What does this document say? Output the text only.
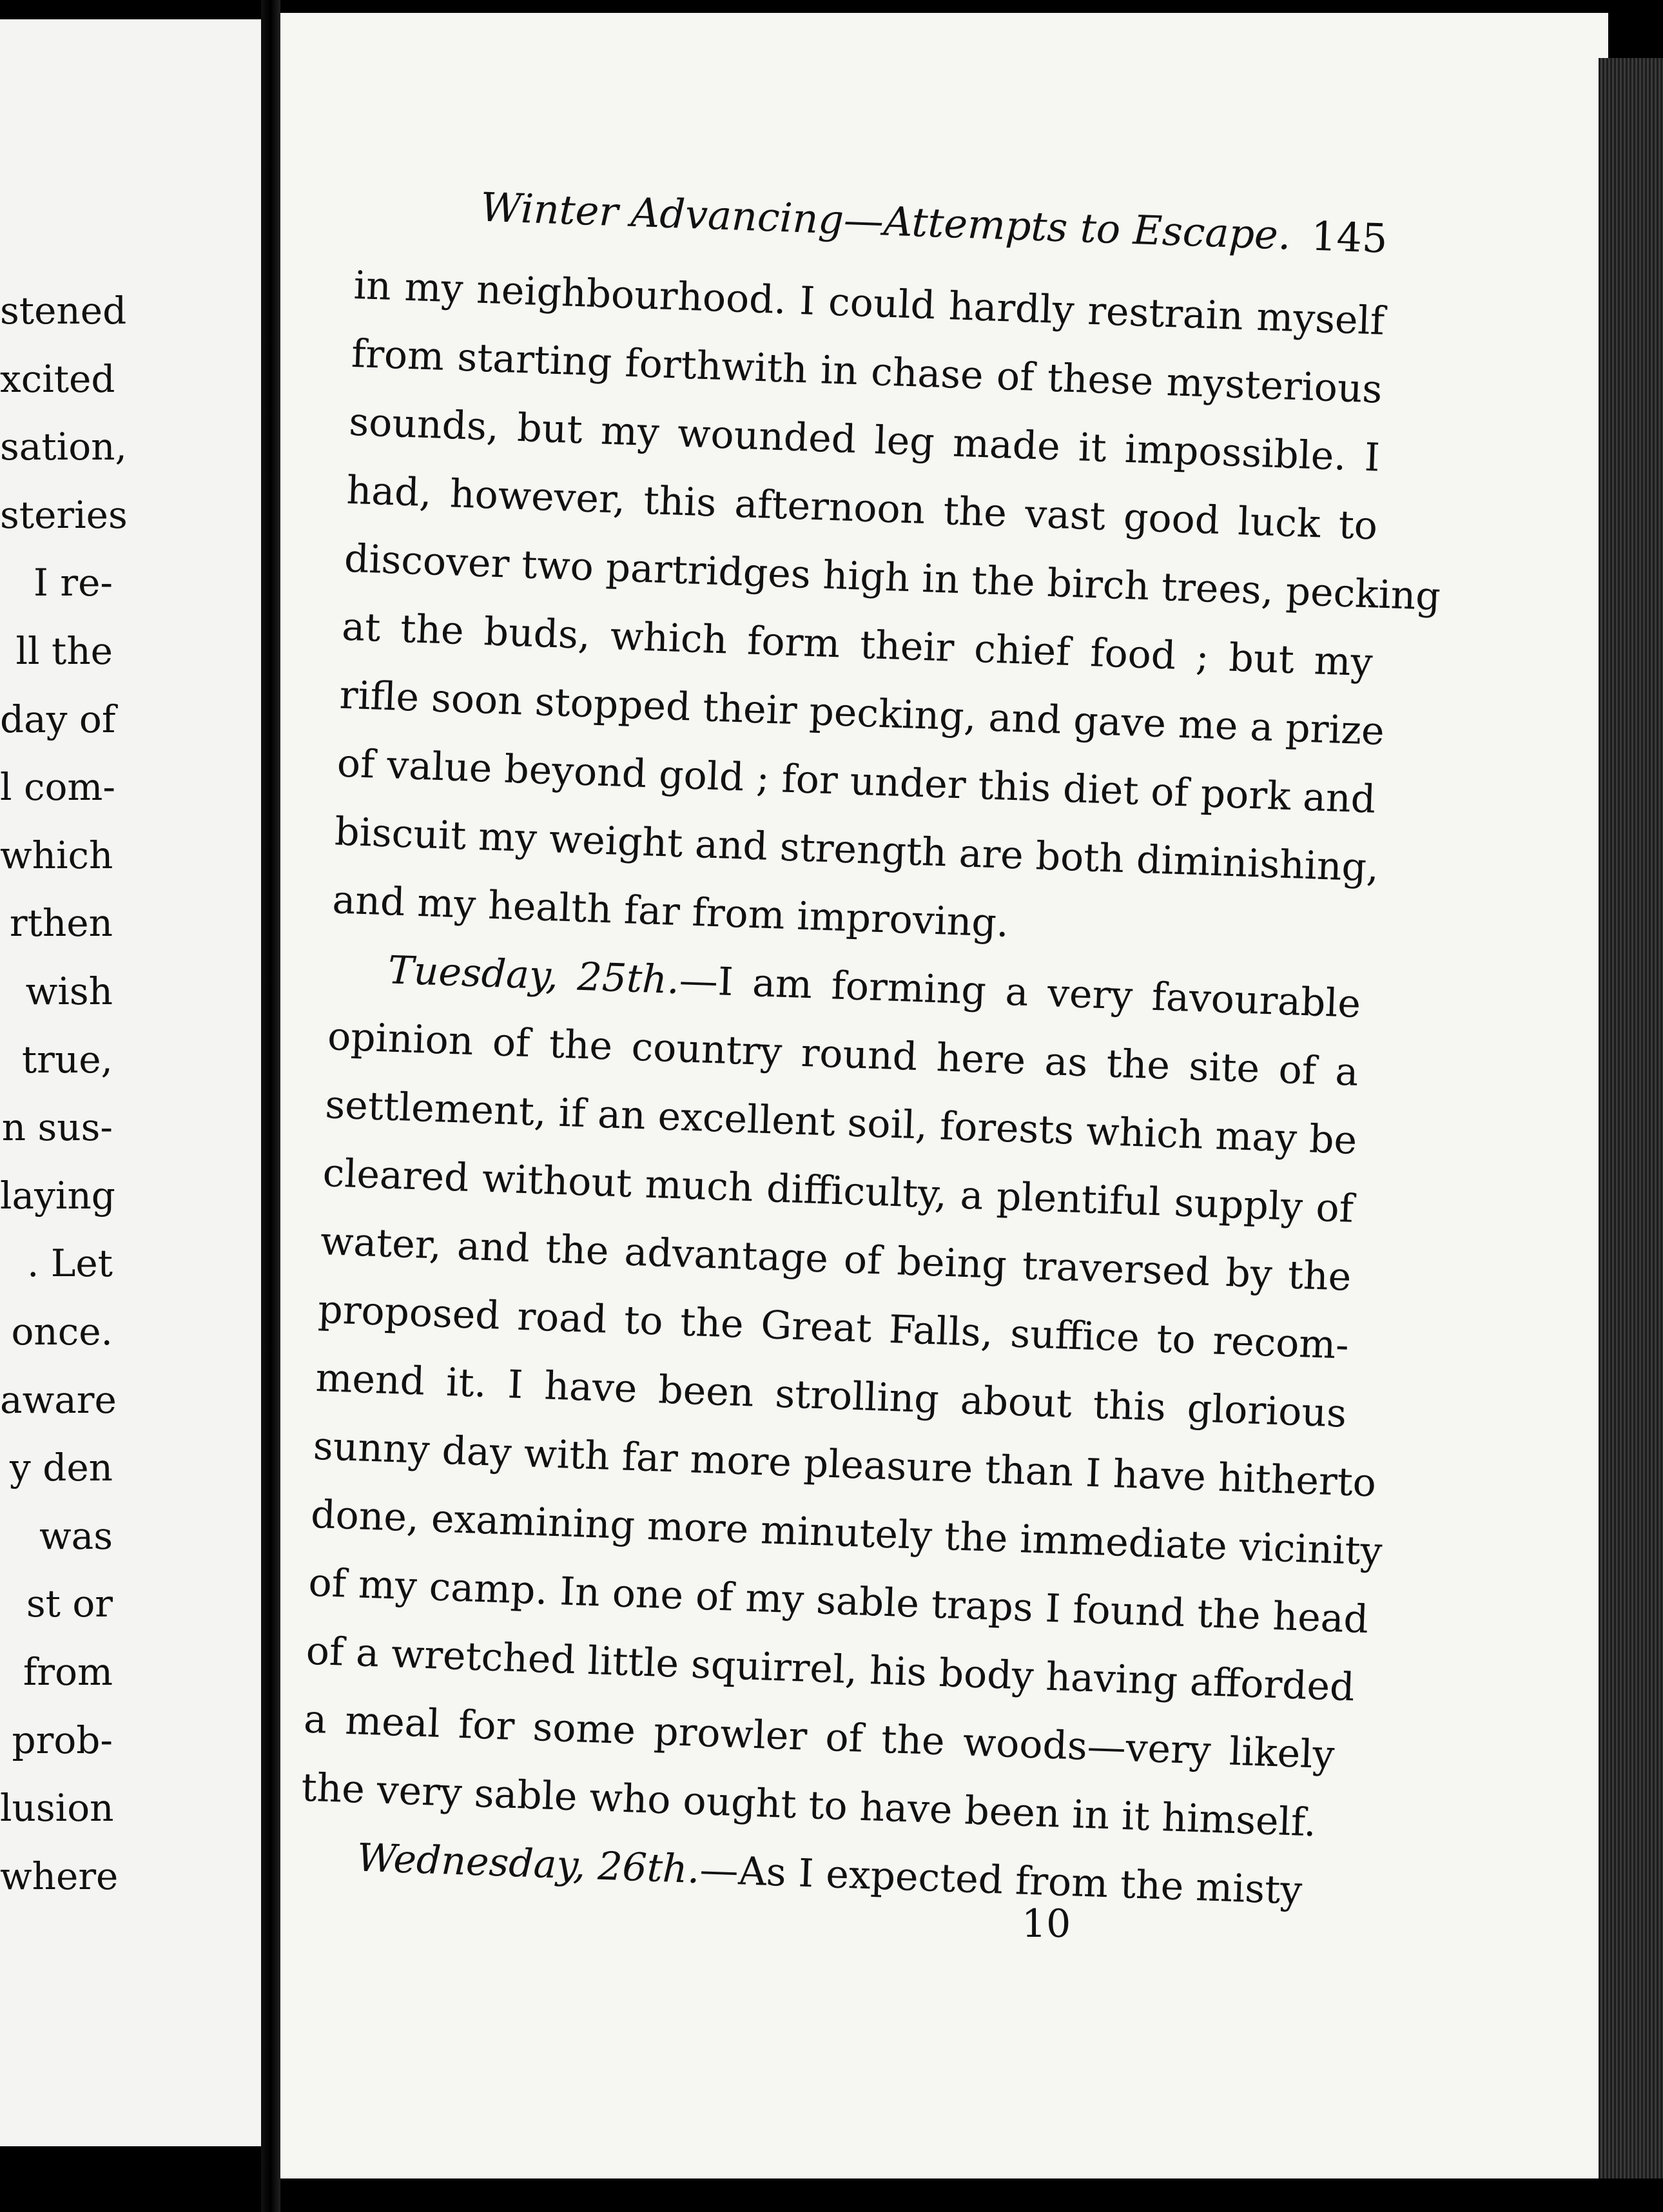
stened
xcited
sation,
steries
I re-
ll the
day of
l com-
which
rthen
wish
true,
n sus-
laying
. Let
once.
aware
y den
was
st or
from
prob-
lusion
where
Winter Advancing—Attempts to Escape. 145
in my neighbourhood. I could hardly restrain myself
from starting forthwith in chase of these mysterious
sounds, but my wounded leg made it impossible. I
had, however, this afternoon the vast good luck to
discover two partridges high in the birch trees, pecking
at the buds, which form their chief food ; but my
rifle soon stopped their pecking, and gave me a prize
of value beyond gold ; for under this diet of pork and
biscuit my weight and strength are both diminishing,
and my health far from improving.
Tuesday, 25th.—I am forming a very favourable
opinion of the country round here as the site of a
settlement, if an excellent soil, forests which may be
cleared without much difficulty, a plentiful supply of
water, and the advantage of being traversed by the
proposed road to the Great Falls, suffice to recom-
mend it. I have been strolling about this glorious
sunny day with far more pleasure than I have hitherto
done, examining more minutely the immediate vicinity
of my camp. In one of my sable traps I found the head
of a wretched little squirrel, his body having afforded
a meal for some prowler of the woods—very likely
the very sable who ought to have been in it himself.
Wednesday, 26th.—As I expected from the misty
10
